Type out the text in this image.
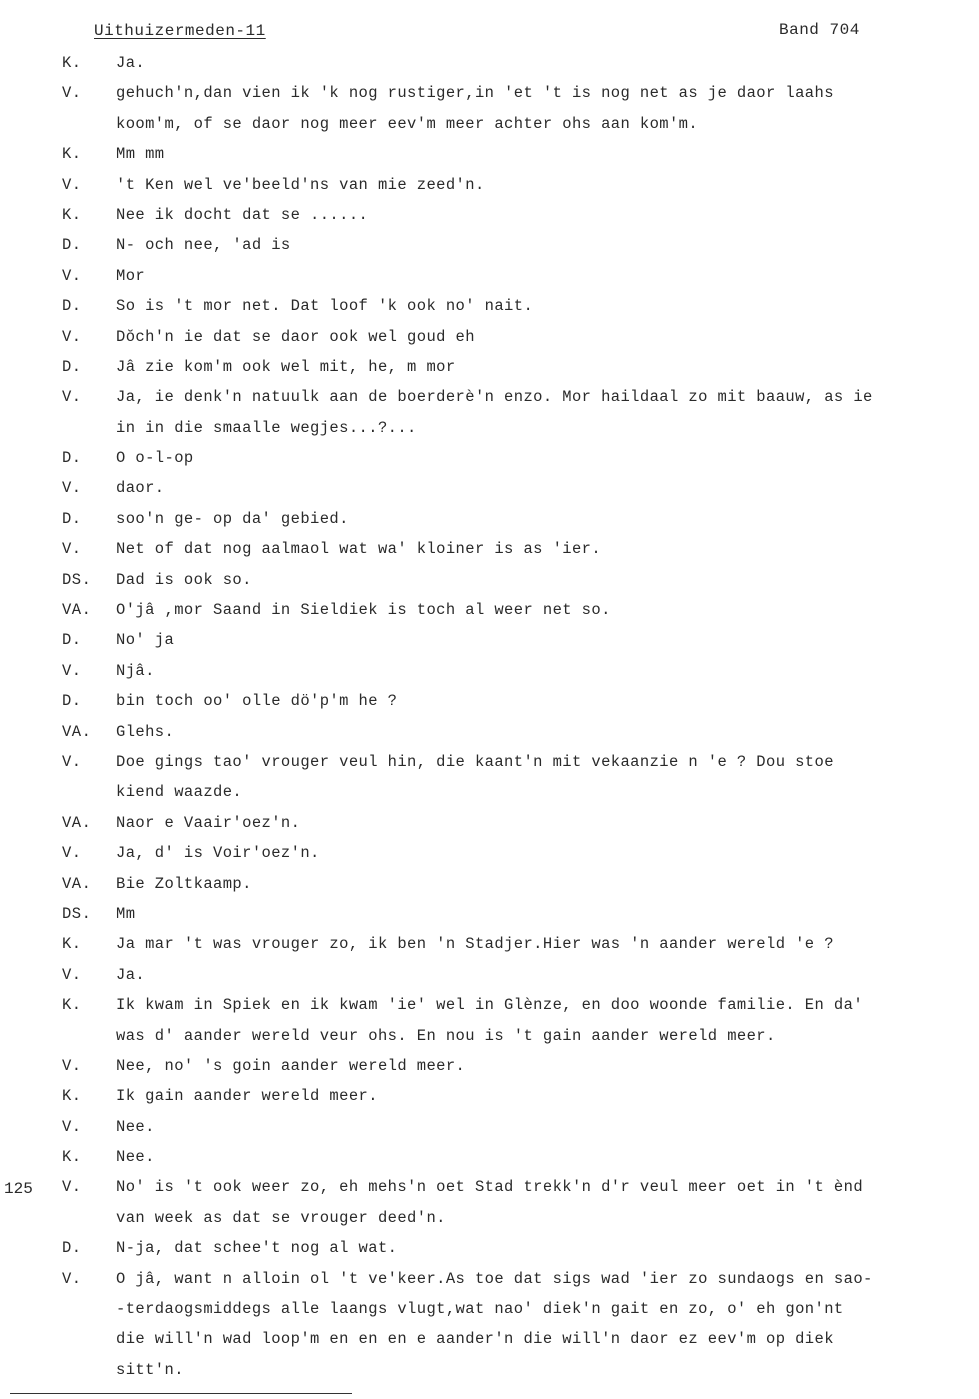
Uithuizermeden-11	Band 704
K. Ja.
V. gehuch'n,dan vien ik 'k nog rustiger,in 'et 't is nog net as je daor laahs
koom'm, of se daor nog meer eev'm meer achter ohs aan kom'm.
K. Mm mm
V. 't Ken wel ve'beeld'ns van mie zeed'n.
K. Nee ik docht dat se ......
D. N- och nee, 'ad is
V. Mor
D. So is 't mor net. Dat loof 'k ook no' nait.
V. Dŏch'n ie dat se daor ook wel goud eh
D. Jâ zie kom'm ook wel mit, he, m mor
V. Ja, ie denk'n natuulk aan de boerderè'n enzo. Mor haildaal zo mit baauw, as ie
in in die smaalle wegjes...?...
D. O o-l-op
V. daor.
D. soo'n ge- op da' gebied.
V. Net of dat nog aalmaol wat wa' kloiner is as 'ier.
DS. Dad is ook so.
VA. O'jâ ,mor Saand in Sieldiek is toch al weer net so.
D. No' ja
V. Njâ.
D. bin toch oo' olle dö'p'm he ?
VA. Glehs.
V. Doe gings tao' vrouger veul hin, die kaant'n mit vekaanzie n 'e ? Dou stoe
kiend waazde.
VA. Naor e Vaair'oez'n.
V. Ja, d' is Voir'oez'n.
VA. Bie Zoltkaamp.
DS. Mm
K. Ja mar 't was vrouger zo, ik ben 'n Stadjer.Hier was 'n aander wereld 'e ?
V. Ja.
K. Ik kwam in Spiek en ik kwam 'ie' wel in Glènze, en doo woonde familie. En da'
was d' aander wereld veur ohs. En nou is 't gain aander wereld meer.
V. Nee, no' 's goin aander wereld meer.
K. Ik gain aander wereld meer.
V. Nee.
K. Nee.
V. No' is 't ook weer zo, eh mehs'n oet Stad trekk'n d'r veul meer oet in 't ènd
van week as dat se vrouger deed'n.
D. N-ja, dat schee't nog al wat.
V. O jâ, want n alloin ol 't ve'keer.As toe dat sigs wad 'ier zo sundaogs en sao-
-terdaogsmiddegs alle laangs vlugt,wat nao' diek'n gait en zo, o' eh gon'nt
die will'n wad loop'm en en en e aander'n die will'n daor ez eev'm op diek
sitt'n.
125
